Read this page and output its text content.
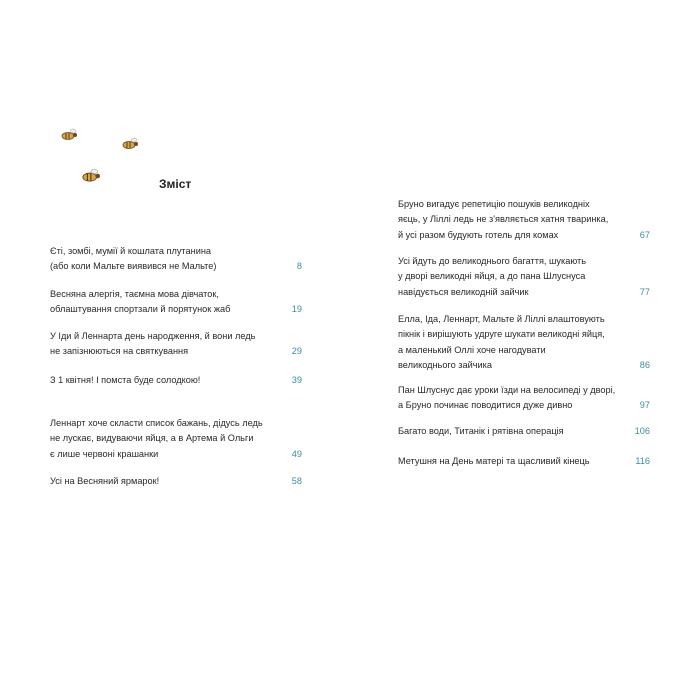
Зміст
Єті, зомбі, мумії й кошлата плутанина
(або коли Мальте виявився не Мальте)	8
Весняна алергія, таємна мова дівчаток,
облаштування спортзали й порятунок жаб	19
У Іди й Леннарта день народження, й вони ледь
не запізнюються на святкування	29
З 1 квітня! І помста буде солодкою!	39
Леннарт хоче скласти список бажань, дідусь ледь
не лускає, видуваючи яйця, а в Артема й Ольги
є лише червоні крашанки	49
Усі на Весняний ярмарок!	58
Бруно вигадує репетицію пошуків великодніх
яєць, у Ліллі ледь не з'являється хатня тваринка,
й усі разом будують готель для комах	67
Усі йдуть до великоднього багаття, шукають
у дворі великодні яйця, а до пана Шлуснуса
навідується великодній зайчик	77
Елла, Іда, Леннарт, Мальте й Ліллі влаштовують
пікнік і вирішують удруге шукати великодні яйця,
а маленький Оллі хоче нагодувати
великоднього зайчика	86
Пан Шлуснус дає уроки їзди на велосипеді у дворі,
а Бруно починає поводитися дуже дивно	97
Багато води, Титанік і рятівна операція	106
Метушня на День матері та щасливий кінець	116
